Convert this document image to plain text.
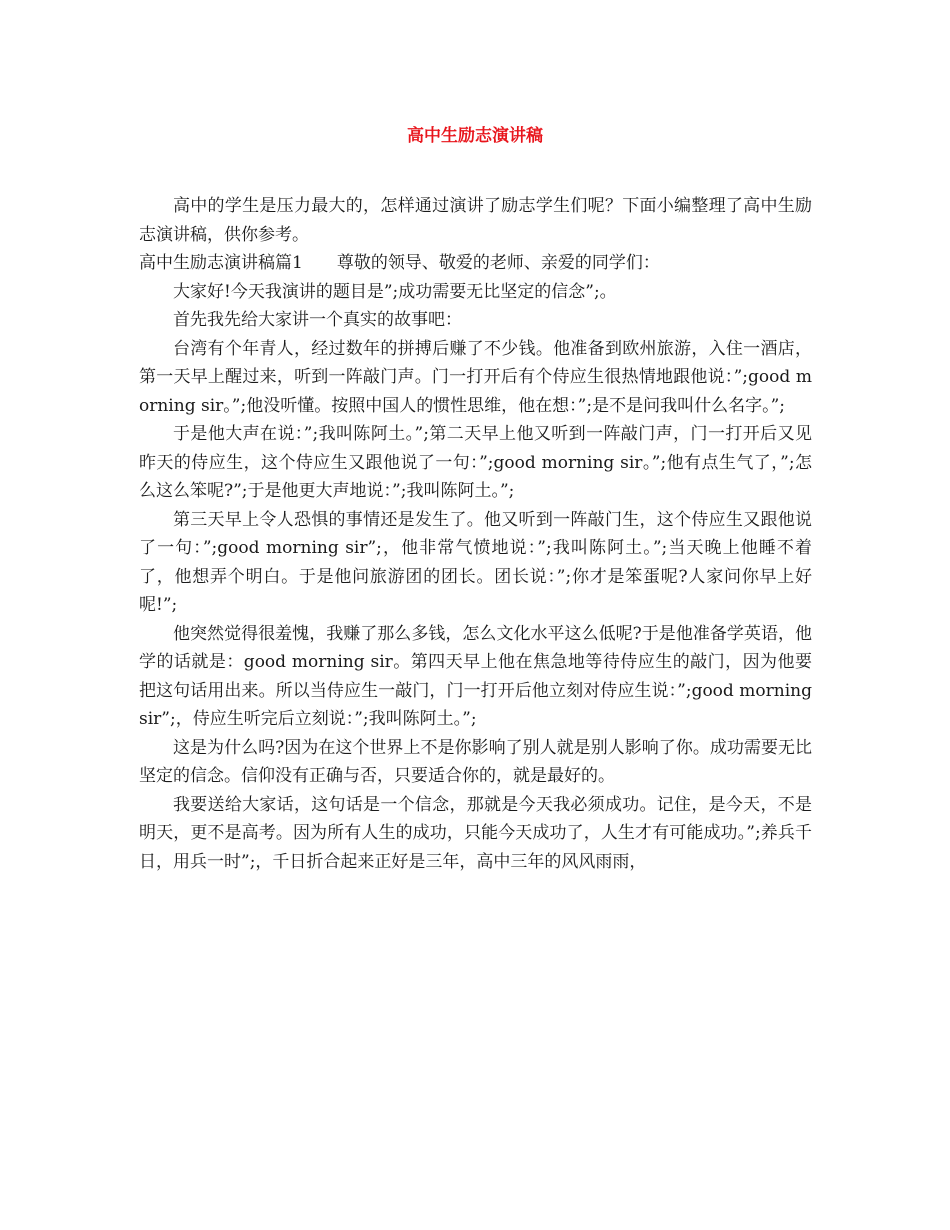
高中生励志演讲稿

高中的学生是压力最大的，怎样通过演讲了励志学生们呢？下面小编整理了高中生励志演讲稿，供你参考。

高中生励志演讲稿篇1 尊敬的领导、敬爱的老师、亲爱的同学们：

大家好!今天我演讲的题目是”;成功需要无比坚定的信念”;。

首先我先给大家讲一个真实的故事吧：

台湾有个年青人，经过数年的拼搏后赚了不少钱。他准备到欧州旅游，入住一酒店，第一天早上醒过来，听到一阵敲门声。门一打开后有个侍应生很热情地跟他说：”;good morning sir。”;他没听懂。按照中国人的惯性思维，他在想：”;是不是问我叫什么名字。”;

于是他大声在说：”;我叫陈阿土。”;第二天早上他又听到一阵敲门声，门一打开后又见昨天的侍应生，这个侍应生又跟他说了一句：”;good morning sir。”;他有点生气了，”;怎么这么笨呢?”;于是他更大声地说：”;我叫陈阿土。”;

第三天早上令人恐惧的事情还是发生了。他又听到一阵敲门生，这个侍应生又跟他说了一句：”;good morning sir”;，他非常气愤地说：”;我叫陈阿土。”;当天晚上他睡不着了，他想弄个明白。于是他问旅游团的团长。团长说：”;你才是笨蛋呢?人家问你早上好呢!”;

他突然觉得很羞愧，我赚了那么多钱，怎么文化水平这么低呢?于是他准备学英语，他学的话就是：good morning sir。第四天早上他在焦急地等待侍应生的敲门，因为他要把这句话用出来。所以当侍应生一敲门，门一打开后他立刻对侍应生说：”;good morning sir”;，侍应生听完后立刻说：”;我叫陈阿土。”;

这是为什么吗?因为在这个世界上不是你影响了别人就是别人影响了你。成功需要无比坚定的信念。信仰没有正确与否，只要适合你的，就是最好的。

我要送给大家话，这句话是一个信念，那就是今天我必须成功。记住，是今天，不是明天，更不是高考。因为所有人生的成功，只能今天成功了，人生才有可能成功。”;养兵千日，用兵一时”;，千日折合起来正好是三年，高中三年的风风雨雨，
